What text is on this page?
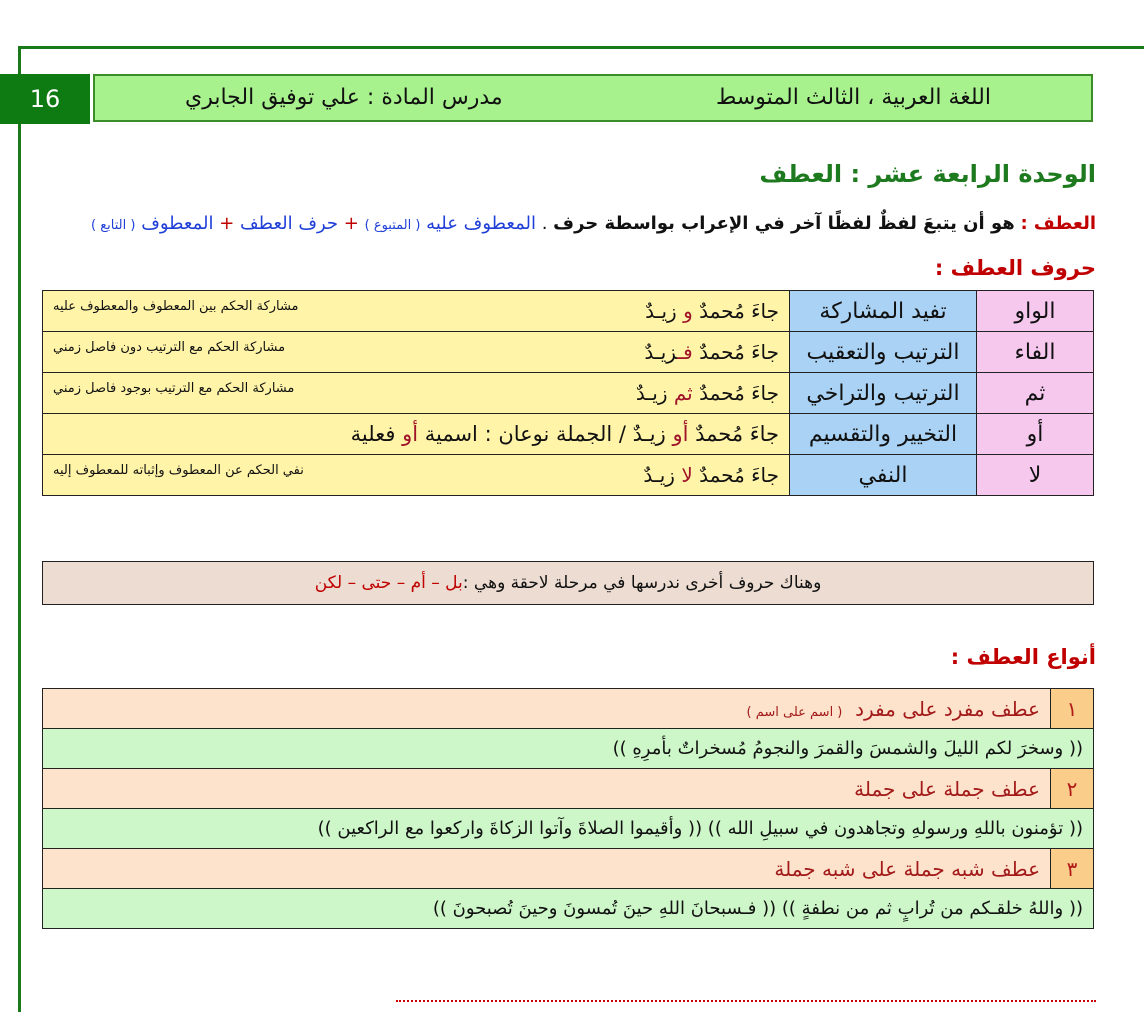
16	اللغة العربية ، الثالث المتوسط
مدرس المادة : علي توفيق الجابري
الوحدة الرابعة عشر : العطف
العطف : هو أن يتبعَ لفظٌ لفظًا آخر في الإعراب بواسطة حرف . المعطوف عليه ( المتبوع ) + حرف العطف + المعطوف ( التابع )
حروف العطف :
الواو	تفيد المشاركة	جاءَ مُحمدٌ و زيـدٌ
مشاركة الحكم بين المعطوف والمعطوف عليه

الفاء	الترتيب والتعقيب	جاءَ مُحمدٌ فـزيـدٌ
مشاركة الحكم مع الترتيب دون فاصل زمني

ثم	الترتيب والتراخي	جاءَ مُحمدٌ ثم زيـدٌ
مشاركة الحكم مع الترتيب بوجود فاصل زمني

أو	التخيير والتقسيم	جاءَ مُحمدٌ أو زيـدٌ / الجملة نوعان : اسمية أو فعلية
لا	النفي	جاءَ مُحمدٌ لا زيـدٌ
نفي الحكم عن المعطوف وإثباته للمعطوف إليه
وهناك حروف أخرى ندرسها في مرحلة لاحقة وهي :
بل – أم – حتى – لكن
أنواع العطف :
١	عطف مفرد على مفرد  ( اسم على اسم )
(( وسخرَ لكم الليلَ والشمسَ والقمرَ والنجومُ مُسخراتٌ بأمرِهِ ))	
٢	عطف جملة على جملة
(( تؤمنون باللهِ ورسولهِ وتجاهدون في سبيلِ الله )) (( وأقيموا الصلاةَ وآتوا الزكاةَ واركعوا مع الراكعين ))	
٣	عطف شبه جملة على شبه جملة
(( واللهُ خلقـكم من تُرابٍ ثم من نطفةٍ )) (( فـسبحانَ اللهِ حينَ تُمسونَ وحينَ تُصبحونَ ))	
